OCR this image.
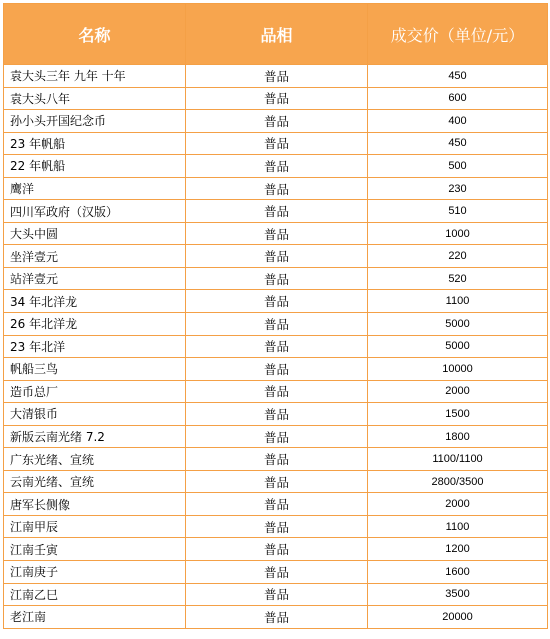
名称	品相	成交价（单位/元）
袁大头三年 九年 十年	普品	450
袁大头八年	普品	600
孙小头开国纪念币	普品	400
23 年帆船	普品	450
22 年帆船	普品	500
鹰洋	普品	230
四川军政府（汉版）	普品	510
大头中圆	普品	1000
坐洋壹元	普品	220
站洋壹元	普品	520
34 年北洋龙	普品	1100
26 年北洋龙	普品	5000
23 年北洋	普品	5000
帆船三鸟	普品	10000
造币总厂	普品	2000
大清银币	普品	1500
新版云南光绪 7.2	普品	1800
广东光绪、宣统	普品	1100/1100
云南光绪、宣统	普品	2800/3500
唐军长侧像	普品	2000
江南甲辰	普品	1100
江南壬寅	普品	1200
江南庚子	普品	1600
江南乙巳	普品	3500
老江南	普品	20000
